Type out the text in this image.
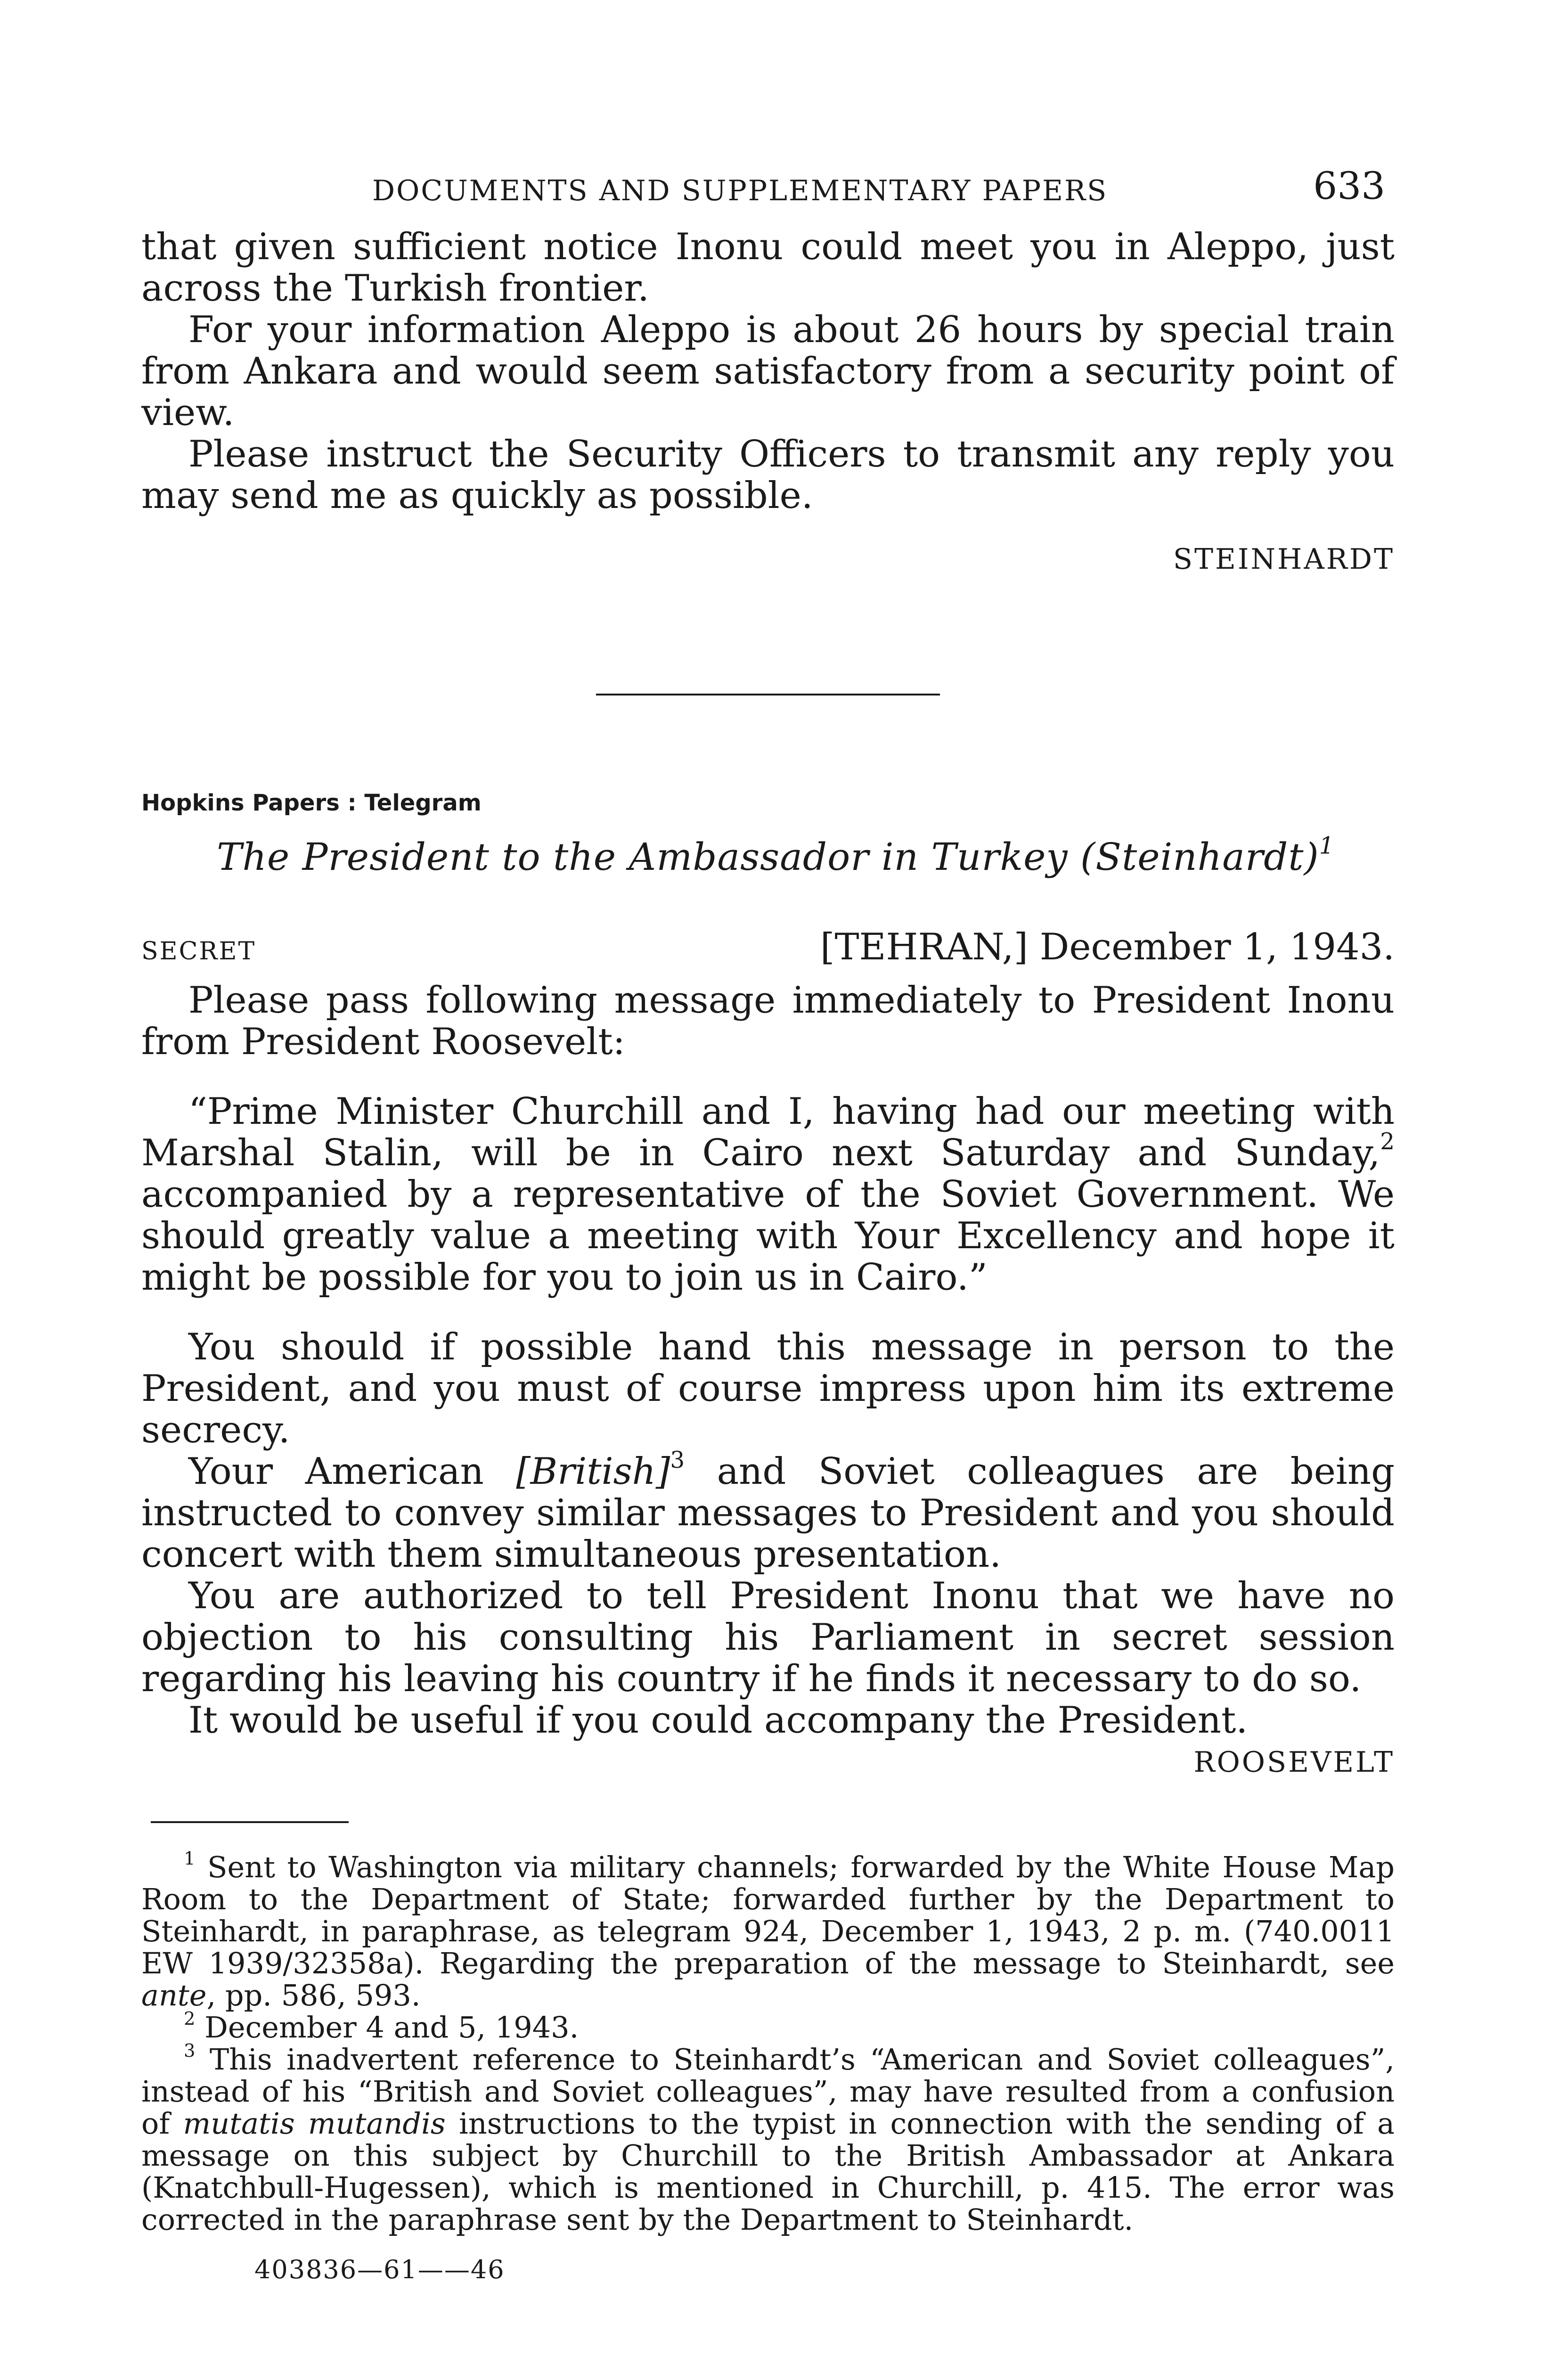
DOCUMENTS AND SUPPLEMENTARY PAPERS	633

that given sufficient notice Inonu could meet you in Aleppo, just across the Turkish frontier.

For your information Aleppo is about 26 hours by special train from Ankara and would seem satisfactory from a security point of view.

Please instruct the Security Officers to transmit any reply you may send me as quickly as possible.

STEINHARDT

Hopkins Papers : Telegram

The President to the Ambassador in Turkey (Steinhardt)$^1$

SECRET	[TEHRAN,] December 1, 1943.

Please pass following message immediately to President Inonu from President Roosevelt:

“Prime Minister Churchill and I, having had our meeting with Marshal Stalin, will be in Cairo next Saturday and Sunday,$^2$ accompanied by a representative of the Soviet Government. We should greatly value a meeting with Your Excellency and hope it might be possible for you to join us in Cairo.”

You should if possible hand this message in person to the President, and you must of course impress upon him its extreme secrecy.

Your American [British]$^3$ and Soviet colleagues are being instructed to convey similar messages to President and you should concert with them simultaneous presentation.

You are authorized to tell President Inonu that we have no objection to his consulting his Parliament in secret session regarding his leaving his country if he finds it necessary to do so.

It would be useful if you could accompany the President.

ROOSEVELT

$^1$ Sent to Washington via military channels; forwarded by the White House Map Room to the Department of State; forwarded further by the Department to Steinhardt, in paraphrase, as telegram 924, December 1, 1943, 2 p. m. (740.0011 EW 1939/32358a). Regarding the preparation of the message to Steinhardt, see ante, pp. 586, 593.

$^2$ December 4 and 5, 1943.

$^3$ This inadvertent reference to Steinhardt’s “American and Soviet colleagues”, instead of his “British and Soviet colleagues”, may have resulted from a confusion of mutatis mutandis instructions to the typist in connection with the sending of a message on this subject by Churchill to the British Ambassador at Ankara (Knatchbull-Hugessen), which is mentioned in Churchill, p. 415. The error was corrected in the paraphrase sent by the Department to Steinhardt.

403836—61——46
